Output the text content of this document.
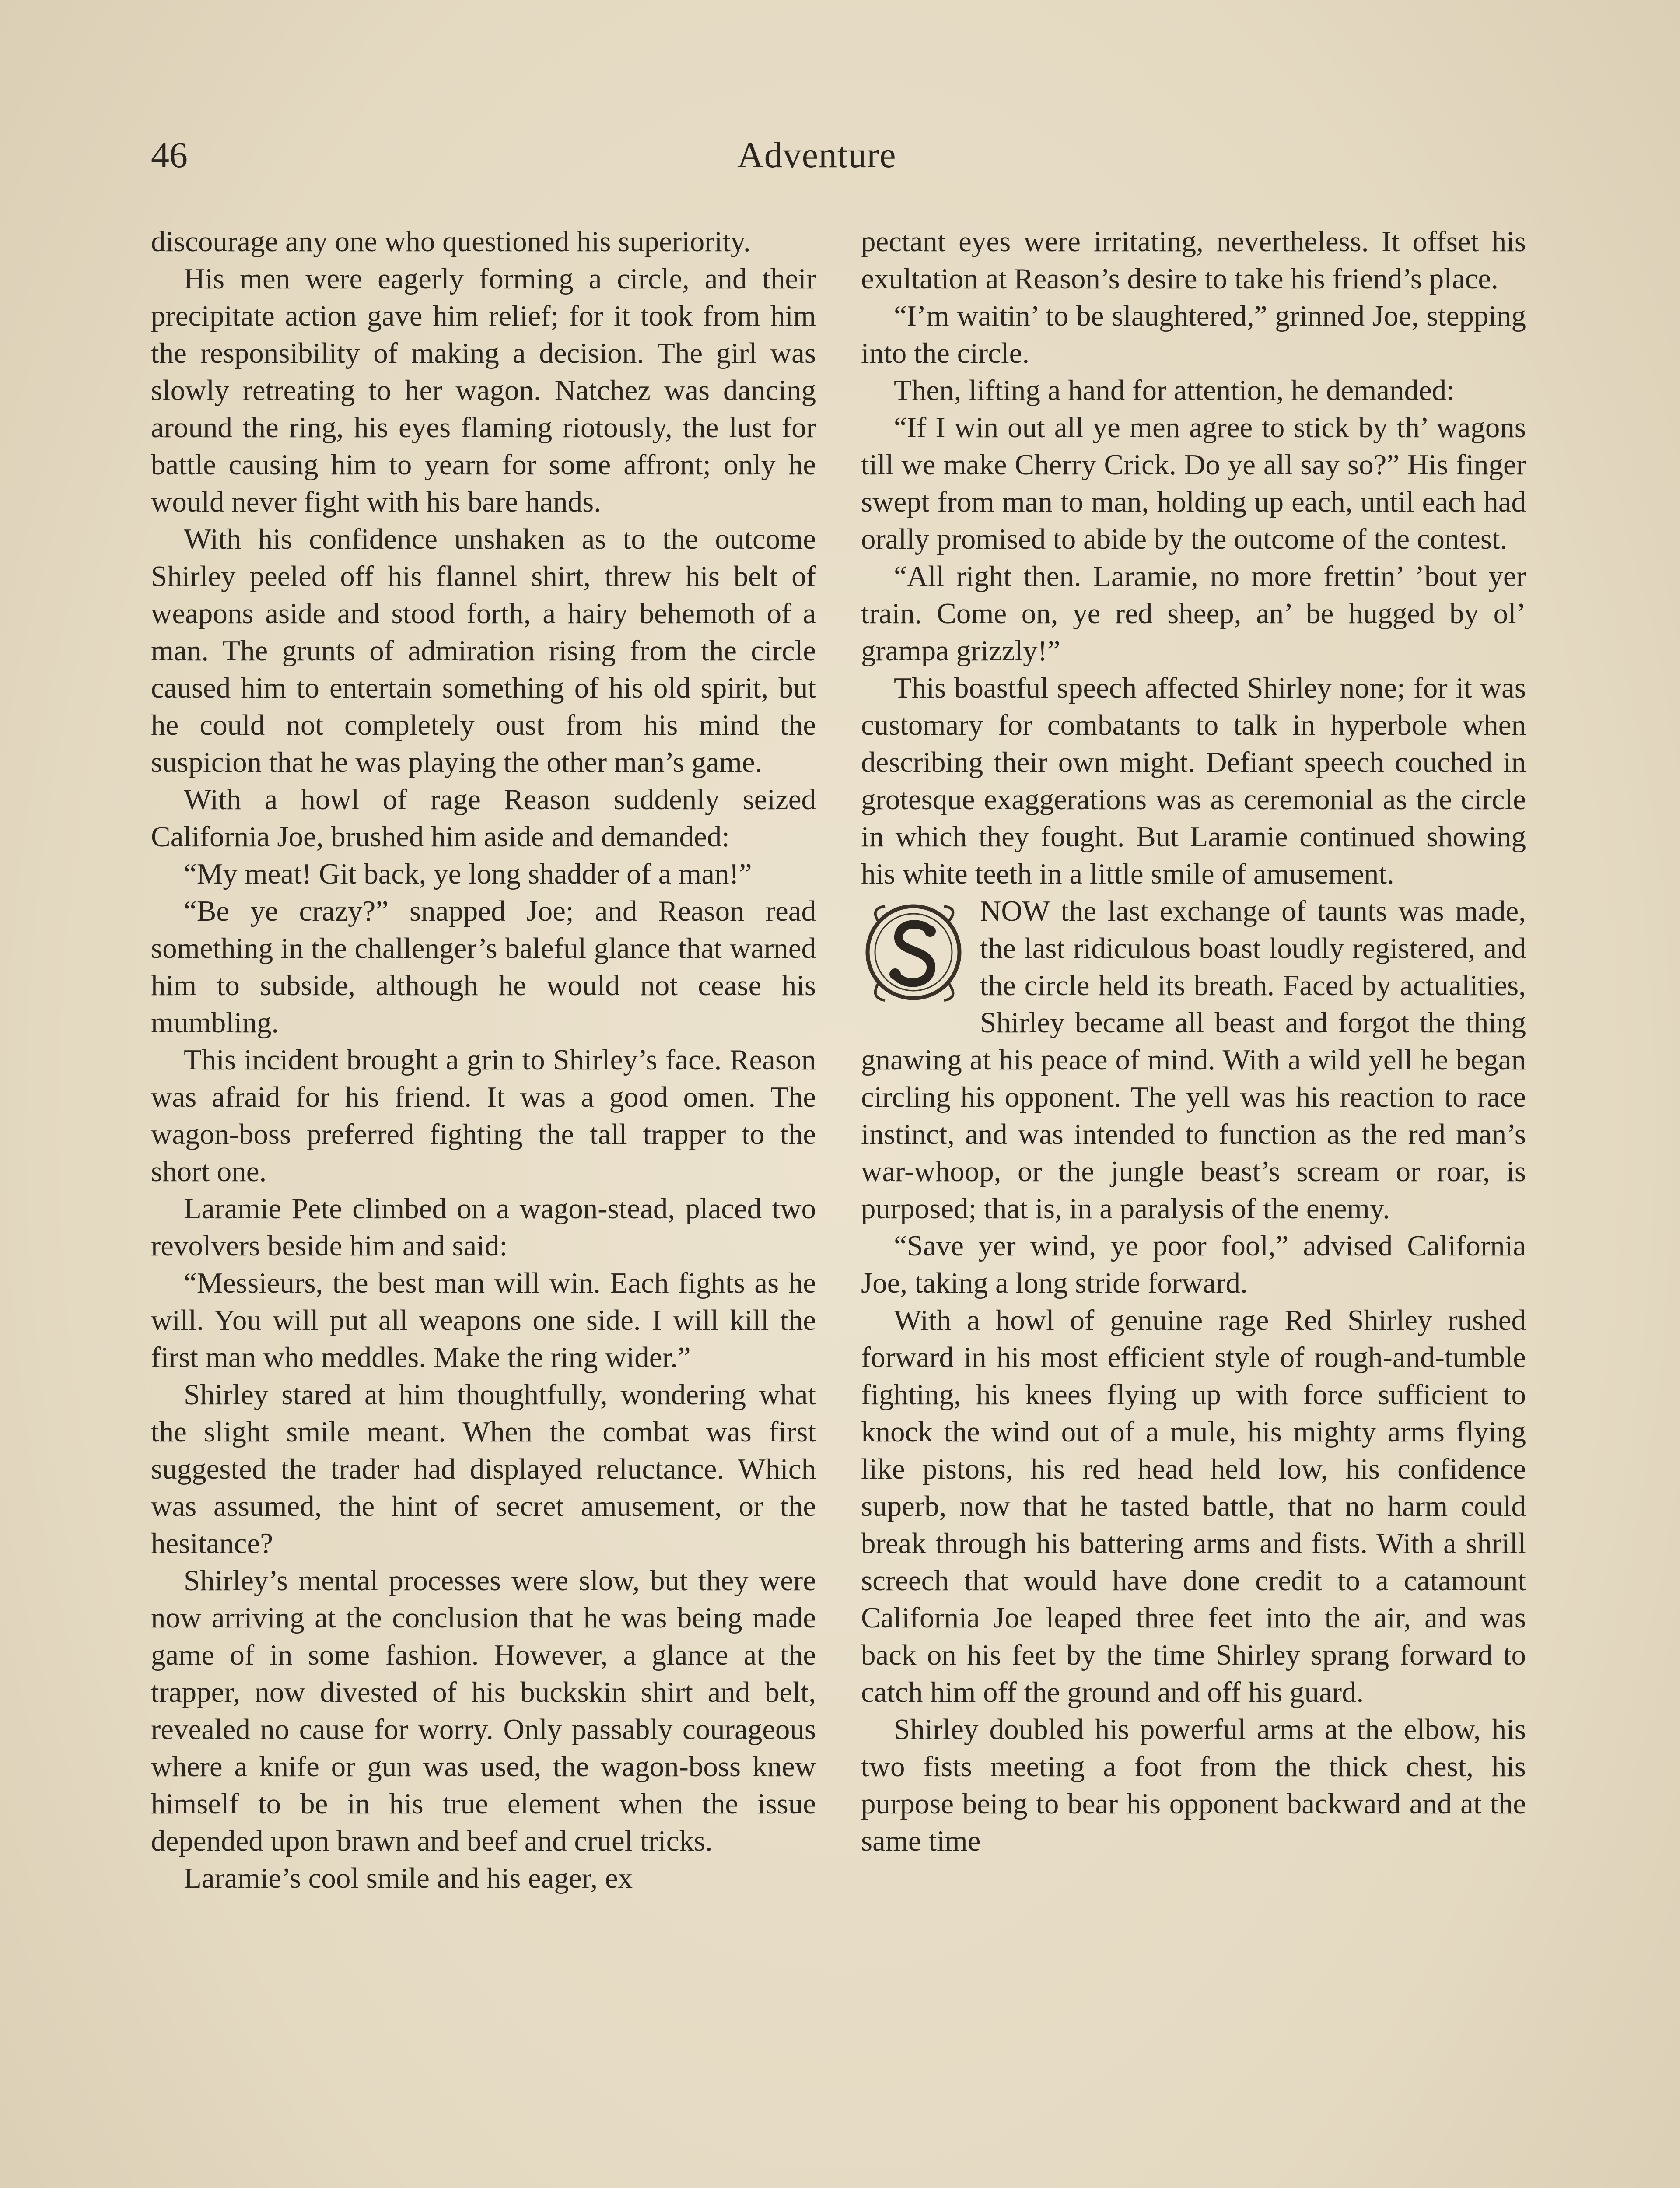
46	Adventure

discourage any one who questioned his superiority.

His men were eagerly forming a circle, and their precipitate action gave him relief; for it took from him the responsibility of making a decision. The girl was slowly retreating to her wagon. Natchez was dancing around the ring, his eyes flaming riotously, the lust for battle causing him to yearn for some affront; only he would never fight with his bare hands.

With his confidence unshaken as to the outcome Shirley peeled off his flannel shirt, threw his belt of weapons aside and stood forth, a hairy behemoth of a man. The grunts of admiration rising from the circle caused him to entertain something of his old spirit, but he could not completely oust from his mind the suspicion that he was playing the other man’s game.

With a howl of rage Reason suddenly seized California Joe, brushed him aside and demanded:

“My meat! Git back, ye long shadder of a man!”

“Be ye crazy?” snapped Joe; and Reason read something in the challenger’s baleful glance that warned him to subside, although he would not cease his mumbling.

This incident brought a grin to Shirley’s face. Reason was afraid for his friend. It was a good omen. The wagon-boss preferred fighting the tall trapper to the short one.

Laramie Pete climbed on a wagon-stead, placed two revolvers beside him and said:

“Messieurs, the best man will win. Each fights as he will. You will put all weapons one side. I will kill the first man who meddles. Make the ring wider.”

Shirley stared at him thoughtfully, wondering what the slight smile meant. When the combat was first suggested the trader had displayed reluctance. Which was assumed, the hint of secret amusement, or the hesitance?

Shirley’s mental processes were slow, but they were now arriving at the conclusion that he was being made game of in some fashion. However, a glance at the trapper, now divested of his buckskin shirt and belt, revealed no cause for worry. Only passably courageous where a knife or gun was used, the wagon-boss knew himself to be in his true element when the issue depended upon brawn and beef and cruel tricks.

Laramie’s cool smile and his eager, ex

pectant eyes were irritating, nevertheless. It offset his exultation at Reason’s desire to take his friend’s place.

“I’m waitin’ to be slaughtered,” grinned Joe, stepping into the circle.

Then, lifting a hand for attention, he demanded:

“If I win out all ye men agree to stick by th’ wagons till we make Cherry Crick. Do ye all say so?” His finger swept from man to man, holding up each, until each had orally promised to abide by the outcome of the contest.

“All right then. Laramie, no more frettin’ ’bout yer train. Come on, ye red sheep, an’ be hugged by ol’ grampa grizzly!”

This boastful speech affected Shirley none; for it was customary for combatants to talk in hyperbole when describing their own might. Defiant speech couched in grotesque exaggerations was as ceremonial as the circle in which they fought. But Laramie continued showing his white teeth in a little smile of amusement.

NOW the last exchange of taunts was made, the last ridiculous boast loudly registered, and the circle held its breath. Faced by actualities, Shirley became all beast and forgot the thing gnawing at his peace of mind. With a wild yell he began circling his opponent. The yell was his reaction to race instinct, and was intended to function as the red man’s war-whoop, or the jungle beast’s scream or roar, is purposed; that is, in a paralysis of the enemy.

“Save yer wind, ye poor fool,” advised California Joe, taking a long stride forward.

With a howl of genuine rage Red Shirley rushed forward in his most efficient style of rough-and-tumble fighting, his knees flying up with force sufficient to knock the wind out of a mule, his mighty arms flying like pistons, his red head held low, his confidence superb, now that he tasted battle, that no harm could break through his battering arms and fists. With a shrill screech that would have done credit to a catamount California Joe leaped three feet into the air, and was back on his feet by the time Shirley sprang forward to catch him off the ground and off his guard.

Shirley doubled his powerful arms at the elbow, his two fists meeting a foot from the thick chest, his purpose being to bear his opponent backward and at the same time
